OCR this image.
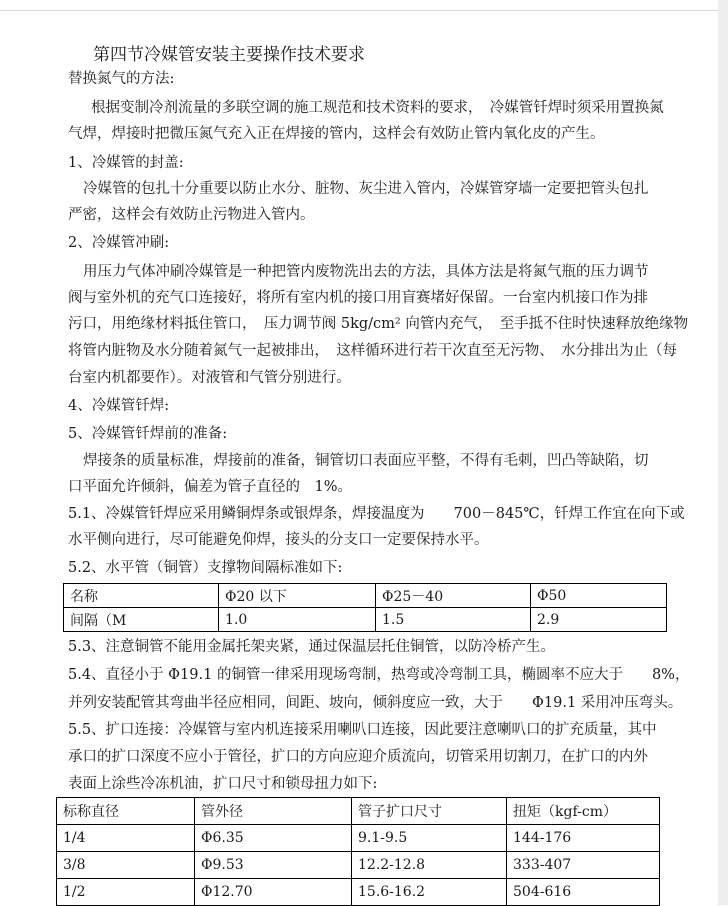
第四节冷媒管安装主要操作技术要求
替换氮气的方法:
根据变制冷剂流量的多联空调的施工规范和技术资料的要求，　冷媒管钎焊时须采用置换氮
气焊，焊接时把微压氮气充入正在焊接的管内，这样会有效防止管内氧化皮的产生。
1、冷媒管的封盖:
冷媒管的包扎十分重要以防止水分、脏物、灰尘进入管内，冷媒管穿墙一定要把管头包扎
严密，这样会有效防止污物进入管内。
2、冷媒管冲刷:
用压力气体冲刷冷媒管是一种把管内废物洗出去的方法，具体方法是将氮气瓶的压力调节
阀与室外机的充气口连接好，将所有室内机的接口用盲赛堵好保留。一台室内机接口作为排
污口，用绝缘材料抵住管口，　压力调节阀 5kg/cm² 向管内充气，　至手抵不住时快速释放绝缘物
将管内脏物及水分随着氮气一起被排出，　这样循环进行若干次直至无污物、　水分排出为止（每
台室内机都要作）。对液管和气管分别进行。
4、冷媒管钎焊:
5、冷媒管钎焊前的准备:
焊接条的质量标准，焊接前的准备，铜管切口表面应平整，不得有毛刺，凹凸等缺陷，切
口平面允许倾斜，偏差为管子直径的　1%。
5.1、冷媒管钎焊应采用鳞铜焊条或银焊条，焊接温度为　　700－845℃，钎焊工作宜在向下或
水平侧向进行，尽可能避免仰焊，接头的分支口一定要保持水平。
5.2、水平管（铜管）支撑物间隔标准如下:
名称	Φ20 以下	Φ25－40	Φ50
间隔（M	1.0	1.5	2.9
5.3、注意铜管不能用金属托架夹紧，通过保温层托住铜管，以防冷桥产生。
5.4、直径小于 Φ19.1 的铜管一律采用现场弯制，热弯或冷弯制工具，椭圆率不应大于　　8%，
并列安装配管其弯曲半径应相同，间距、坡向，倾斜度应一致，大于　　Φ19.1 采用冲压弯头。
5.5、扩口连接：冷媒管与室内机连接采用喇叭口连接，因此要注意喇叭口的扩充质量，其中
承口的扩口深度不应小于管径，扩口的方向应迎介质流向，切管采用切割刀，在扩口的内外
表面上涂些冷冻机油，扩口尺寸和锁母扭力如下:
标称直径	管外径	管子扩口尺寸	扭矩（kgf-cm）
1/4	Φ6.35	9.1-9.5	144-176
3/8	Φ9.53	12.2-12.8	333-407
1/2	Φ12.70	15.6-16.2	504-616
